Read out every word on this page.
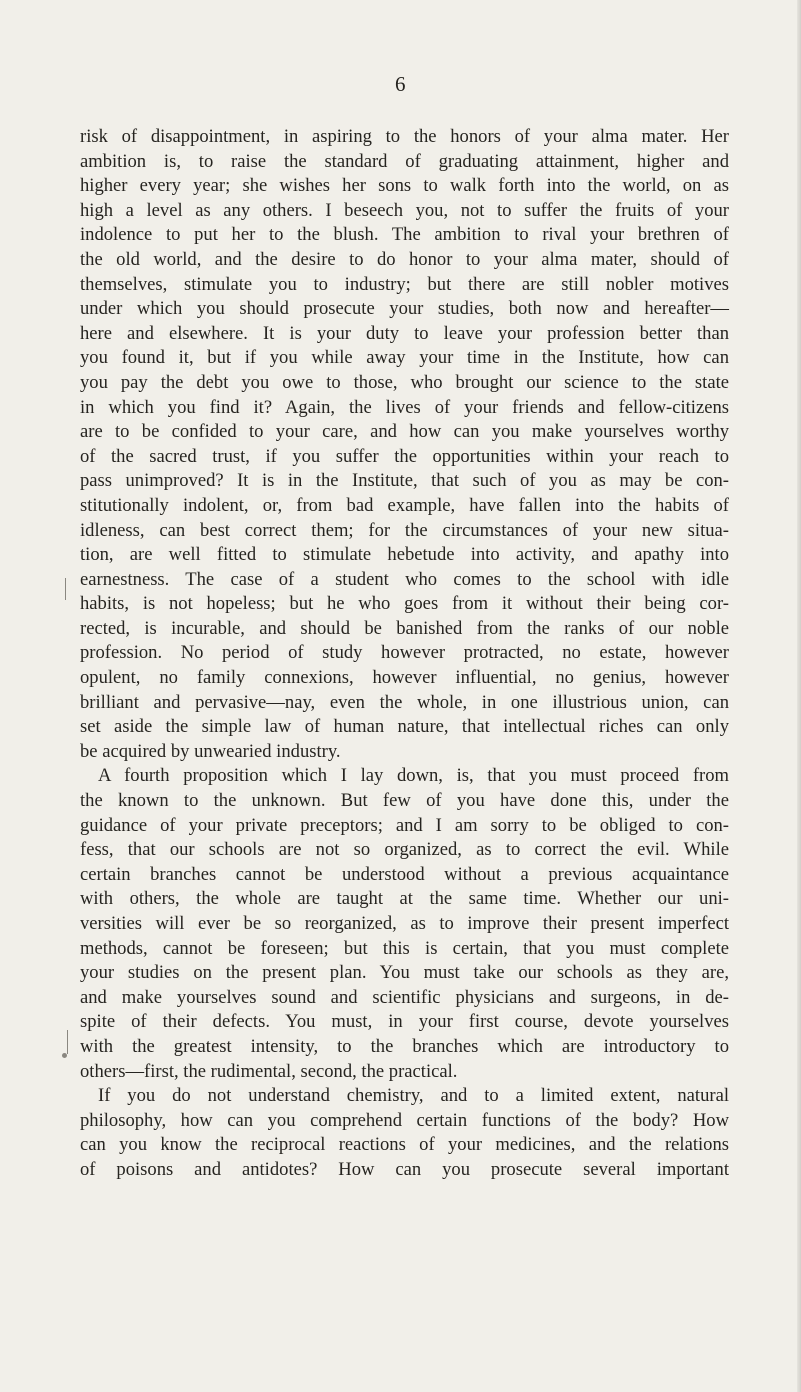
6
risk of disappointment, in aspiring to the honors of your alma mater. Her
ambition is, to raise the standard of graduating attainment, higher and
higher every year; she wishes her sons to walk forth into the world, on as
high a level as any others. I beseech you, not to suffer the fruits of your
indolence to put her to the blush. The ambition to rival your brethren of
the old world, and the desire to do honor to your alma mater, should of
themselves, stimulate you to industry; but there are still nobler motives
under which you should prosecute your studies, both now and hereafter—
here and elsewhere. It is your duty to leave your profession better than
you found it, but if you while away your time in the Institute, how can
you pay the debt you owe to those, who brought our science to the state
in which you find it? Again, the lives of your friends and fellow-citizens
are to be confided to your care, and how can you make yourselves worthy
of the sacred trust, if you suffer the opportunities within your reach to
pass unimproved? It is in the Institute, that such of you as may be con-
stitutionally indolent, or, from bad example, have fallen into the habits of
idleness, can best correct them; for the circumstances of your new situa-
tion, are well fitted to stimulate hebetude into activity, and apathy into
earnestness. The case of a student who comes to the school with idle
habits, is not hopeless; but he who goes from it without their being cor-
rected, is incurable, and should be banished from the ranks of our noble
profession. No period of study however protracted, no estate, however
opulent, no family connexions, however influential, no genius, however
brilliant and pervasive—nay, even the whole, in one illustrious union, can
set aside the simple law of human nature, that intellectual riches can only
be acquired by unwearied industry.
A fourth proposition which I lay down, is, that you must proceed from
the known to the unknown. But few of you have done this, under the
guidance of your private preceptors; and I am sorry to be obliged to con-
fess, that our schools are not so organized, as to correct the evil. While
certain branches cannot be understood without a previous acquaintance
with others, the whole are taught at the same time. Whether our uni-
versities will ever be so reorganized, as to improve their present imperfect
methods, cannot be foreseen; but this is certain, that you must complete
your studies on the present plan. You must take our schools as they are,
and make yourselves sound and scientific physicians and surgeons, in de-
spite of their defects. You must, in your first course, devote yourselves
with the greatest intensity, to the branches which are introductory to
others—first, the rudimental, second, the practical.
If you do not understand chemistry, and to a limited extent, natural
philosophy, how can you comprehend certain functions of the body? How
can you know the reciprocal reactions of your medicines, and the relations
of poisons and antidotes? How can you prosecute several important
